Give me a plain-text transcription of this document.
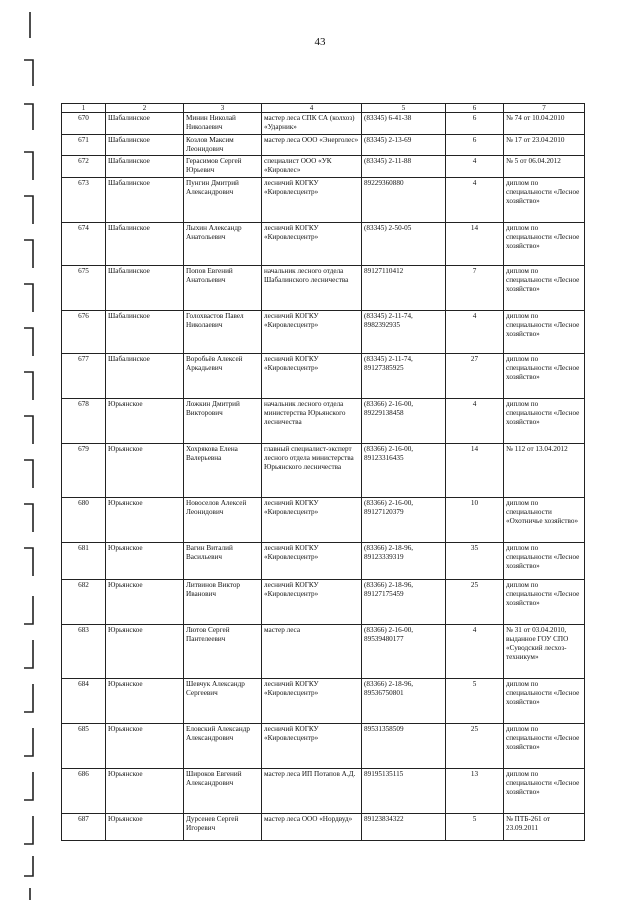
43
1	2	3	4	5	6	7
670	Шабалинское	Минин Николай Николаевич	мастер леса СПК СА (колхоз) «Ударник»	(83345) 6-41-38	6	№ 74 от 10.04.2010
671	Шабалинское	Козлов Максим Леонидович	мастер леса ООО «Энерголес»	(83345) 2-13-69	6	№ 17 от 23.04.2010
672	Шабалинское	Герасимов Сергей Юрьевич	специалист ООО «УК «Кировлес»	(83345) 2-11-88	4	№ 5 от 06.04.2012
673	Шабалинское	Пунгин Дмитрий Александрович	лесничий КОГКУ «Кировлесцентр»	89229360880	4	диплом по специальности «Лесное хозяйство»
674	Шабалинское	Лыхин Александр Анатольевич	лесничий КОГКУ «Кировлесцентр»	(83345) 2-50-05	14	диплом по специальности «Лесное хозяйство»
675	Шабалинское	Попов Евгений Анатольевич	начальник лесного отдела Шабалинского лесничества	89127110412	7	диплом по специальности «Лесное хозяйство»
676	Шабалинское	Голохвастов Павел Николаевич	лесничий КОГКУ «Кировлесцентр»	(83345) 2-11-74, 8982392935	4	диплом по специальности «Лесное хозяйство»
677	Шабалинское	Воробьёв Алексей Аркадьевич	лесничий КОГКУ «Кировлесцентр»	(83345) 2-11-74, 89127385925	27	диплом по специальности «Лесное хозяйство»
678	Юрьянское	Ложкин Дмитрий Викторович	начальник лесного отдела министерства Юрьянского лесничества	(83366) 2-16-00, 89229138458	4	диплом по специальности «Лесное хозяйство»
679	Юрьянское	Хохрякова Елена Валерьевна	главный специалист-эксперт лесного отдела министерства Юрьянского лесничества	(83366) 2-16-00, 89123316435	14	№ 112 от 13.04.2012
680	Юрьянское	Новоселов Алексей Леонидович	лесничий КОГКУ «Кировлесцентр»	(83366) 2-16-00, 89127120379	10	диплом по специальности «Охотничье хозяйство»
681	Юрьянское	Вагин Виталий Васильевич	лесничий КОГКУ «Кировлесцентр»	(83366) 2-18-96, 89123339319	35	диплом по специальности «Лесное хозяйство»
682	Юрьянское	Литвинов Виктор Иванович	лесничий КОГКУ «Кировлесцентр»	(83366) 2-18-96, 89127175459	25	диплом по специальности «Лесное хозяйство»
683	Юрьянское	Лютов Сергей Пантелеевич	мастер леса	(83366) 2-16-00, 89539480177	4	№ 31 от 03.04.2010, выданное ГОУ СПО «Суводский лесхоз-техникум»
684	Юрьянское	Шевчук Александр Сергеевич	лесничий КОГКУ «Кировлесцентр»	(83366) 2-18-96, 89536750801	5	диплом по специальности «Лесное хозяйство»
685	Юрьянское	Еловский Александр Александрович	лесничий КОГКУ «Кировлесцентр»	89531358509	25	диплом по специальности «Лесное хозяйство»
686	Юрьянское	Широков Евгений Александрович	мастер леса ИП Потапов А.Д.	89195135115	13	диплом по специальности «Лесное хозяйство»
687	Юрьянское	Дурсенев Сергей Игоревич	мастер леса ООО «Нордвуд»	89123834322	5	№ ПТБ-261 от 23.09.2011
